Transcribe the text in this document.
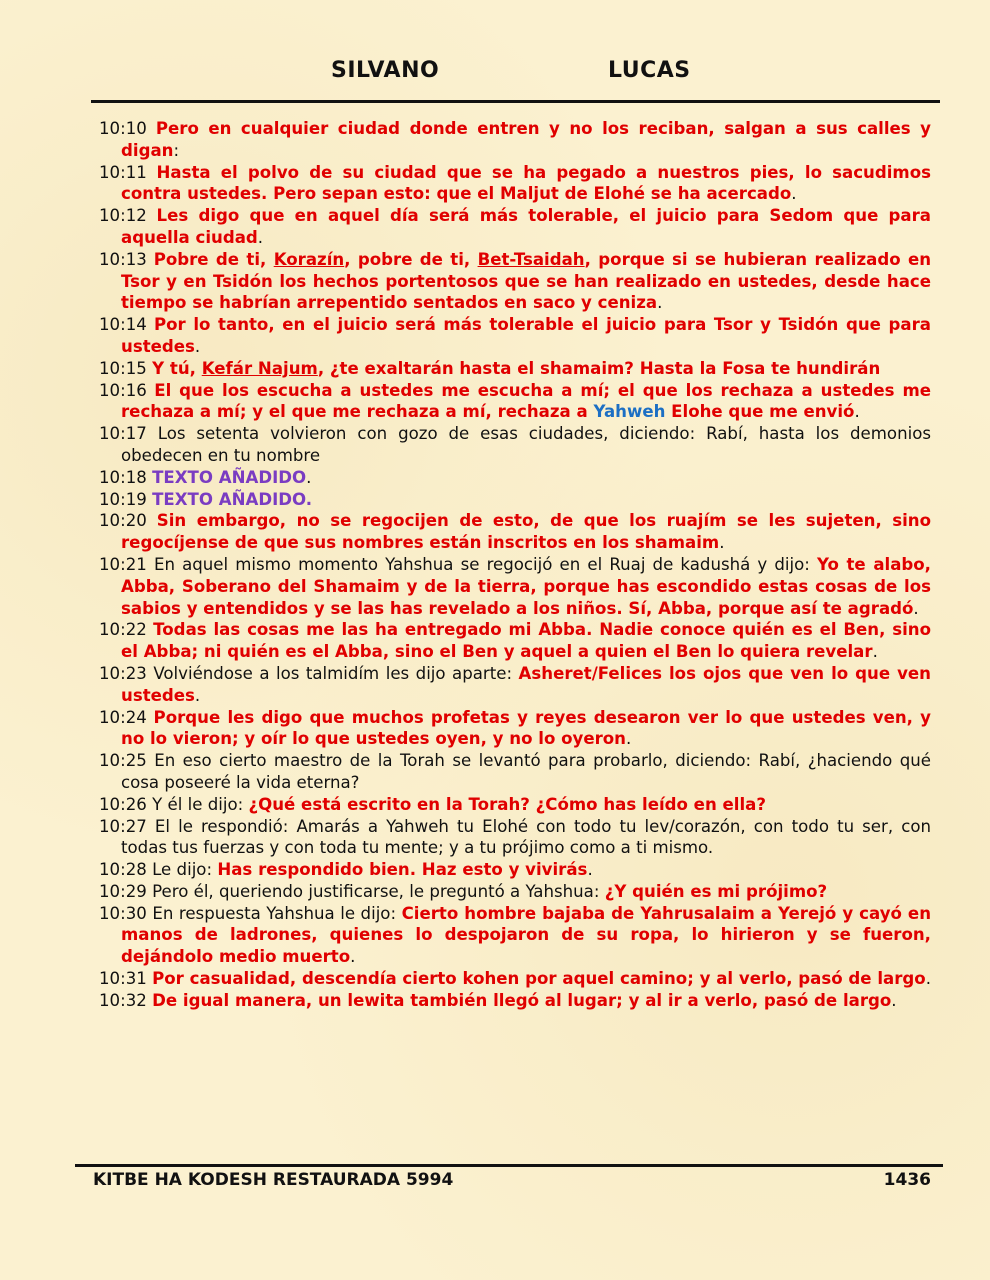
SILVANO	LUCAS

10:10 Pero en cualquier ciudad donde entren y no los reciban, salgan a sus calles y digan:

10:11 Hasta el polvo de su ciudad que se ha pegado a nuestros pies, lo sacudimos contra ustedes. Pero sepan esto: que el Maljut de Elohé se ha acercado.

10:12 Les digo que en aquel día será más tolerable, el juicio para Sedom que para aquella ciudad.

10:13 Pobre de ti, Korazín, pobre de ti, Bet-Tsaidah, porque si se hubieran realizado en Tsor y en Tsidón los hechos portentosos que se han realizado en ustedes, desde hace tiempo se habrían arrepentido sentados en saco y ceniza.

10:14 Por lo tanto, en el juicio será más tolerable el juicio para Tsor y Tsidón que para ustedes.

10:15 Y tú, Kefár Najum, ¿te exaltarán hasta el shamaim? Hasta la Fosa te hundirán

10:16 El que los escucha a ustedes me escucha a mí; el que los rechaza a ustedes me rechaza a mí; y el que me rechaza a mí, rechaza a Yahweh Elohe que me envió.

10:17 Los setenta volvieron con gozo de esas ciudades, diciendo: Rabí, hasta los demonios obedecen en tu nombre

10:18 TEXTO AÑADIDO.

10:19 TEXTO AÑADIDO.

10:20 Sin embargo, no se regocijen de esto, de que los ruajím se les sujeten, sino regocíjense de que sus nombres están inscritos en los shamaim.

10:21 En aquel mismo momento Yahshua se regocijó en el Ruaj de kadushá y dijo: Yo te alabo, Abba, Soberano del Shamaim y de la tierra, porque has escondido estas cosas de los sabios y entendidos y se las has revelado a los niños. Sí, Abba, porque así te agradó.

10:22 Todas las cosas me las ha entregado mi Abba. Nadie conoce quién es el Ben, sino el Abba; ni quién es el Abba, sino el Ben y aquel a quien el Ben lo quiera revelar.

10:23 Volviéndose a los talmidím les dijo aparte: Asheret/Felices los ojos que ven lo que ven ustedes.

10:24 Porque les digo que muchos profetas y reyes desearon ver lo que ustedes ven, y no lo vieron; y oír lo que ustedes oyen, y no lo oyeron.

10:25 En eso cierto maestro de la Torah se levantó para probarlo, diciendo: Rabí, ¿haciendo qué cosa poseeré la vida eterna?

10:26 Y él le dijo: ¿Qué está escrito en la Torah? ¿Cómo has leído en ella?

10:27 El le respondió: Amarás a Yahweh tu Elohé con todo tu lev/corazón, con todo tu ser, con todas tus fuerzas y con toda tu mente; y a tu prójimo como a ti mismo.

10:28 Le dijo: Has respondido bien. Haz esto y vivirás.

10:29 Pero él, queriendo justificarse, le preguntó a Yahshua: ¿Y quién es mi prójimo?

10:30 En respuesta Yahshua le dijo: Cierto hombre bajaba de Yahrusalaim a Yerejó y cayó en manos de ladrones, quienes lo despojaron de su ropa, lo hirieron y se fueron, dejándolo medio muerto.

10:31 Por casualidad, descendía cierto kohen por aquel camino; y al verlo, pasó de largo.

10:32 De igual manera, un lewita también llegó al lugar; y al ir a verlo, pasó de largo.

KITBE HA KODESH RESTAURADA 5994	1436
